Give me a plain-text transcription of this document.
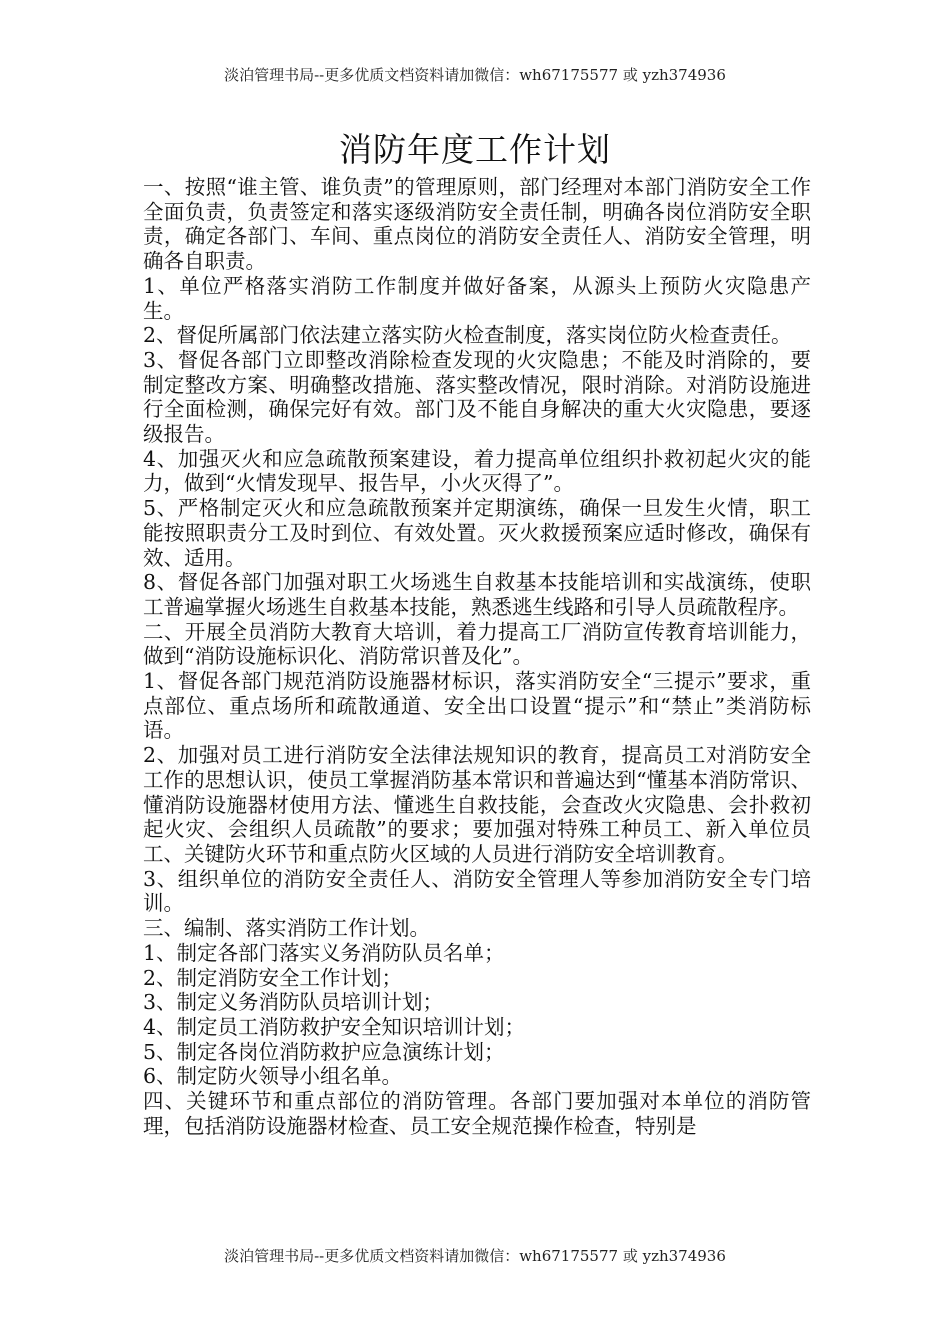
淡泊管理书局--更多优质文档资料请加微信：wh67175577 或 yzh374936
消防年度工作计划

一、按照“谁主管、谁负责”的管理原则，部门经理对本部门消防安全工作全面负责，负责签定和落实逐级消防安全责任制，明确各岗位消防安全职责，确定各部门、车间、重点岗位的消防安全责任人、消防安全管理，明确各自职责。

1、单位严格落实消防工作制度并做好备案，从源头上预防火灾隐患产生。

2、督促所属部门依法建立落实防火检查制度，落实岗位防火检查责任。

3、督促各部门立即整改消除检查发现的火灾隐患；不能及时消除的，要制定整改方案、明确整改措施、落实整改情况，限时消除。对消防设施进行全面检测，确保完好有效。部门及不能自身解决的重大火灾隐患，要逐级报告。

4、加强灭火和应急疏散预案建设，着力提高单位组织扑救初起火灾的能力，做到“火情发现早、报告早，小火灭得了”。

5、严格制定灭火和应急疏散预案并定期演练，确保一旦发生火情，职工能按照职责分工及时到位、有效处置。灭火救援预案应适时修改，确保有效、适用。

8、督促各部门加强对职工火场逃生自救基本技能培训和实战演练，使职工普遍掌握火场逃生自救基本技能，熟悉逃生线路和引导人员疏散程序。

二、开展全员消防大教育大培训，着力提高工厂消防宣传教育培训能力，做到“消防设施标识化、消防常识普及化”。

1、督促各部门规范消防设施器材标识，落实消防安全“三提示”要求，重点部位、重点场所和疏散通道、安全出口设置“提示”和“禁止”类消防标语。

2、加强对员工进行消防安全法律法规知识的教育，提高员工对消防安全工作的思想认识，使员工掌握消防基本常识和普遍达到“懂基本消防常识、懂消防设施器材使用方法、懂逃生自救技能，会查改火灾隐患、会扑救初起火灾、会组织人员疏散”的要求；要加强对特殊工种员工、新入单位员工、关键防火环节和重点防火区域的人员进行消防安全培训教育。

3、组织单位的消防安全责任人、消防安全管理人等参加消防安全专门培训。

三、编制、落实消防工作计划。

1、制定各部门落实义务消防队员名单；

2、制定消防安全工作计划；

3、制定义务消防队员培训计划；

4、制定员工消防救护安全知识培训计划；

5、制定各岗位消防救护应急演练计划；

6、制定防火领导小组名单。

四、关键环节和重点部位的消防管理。各部门要加强对本单位的消防管理，包括消防设施器材检查、员工安全规范操作检查，特别是

淡泊管理书局--更多优质文档资料请加微信：wh67175577 或 yzh374936
